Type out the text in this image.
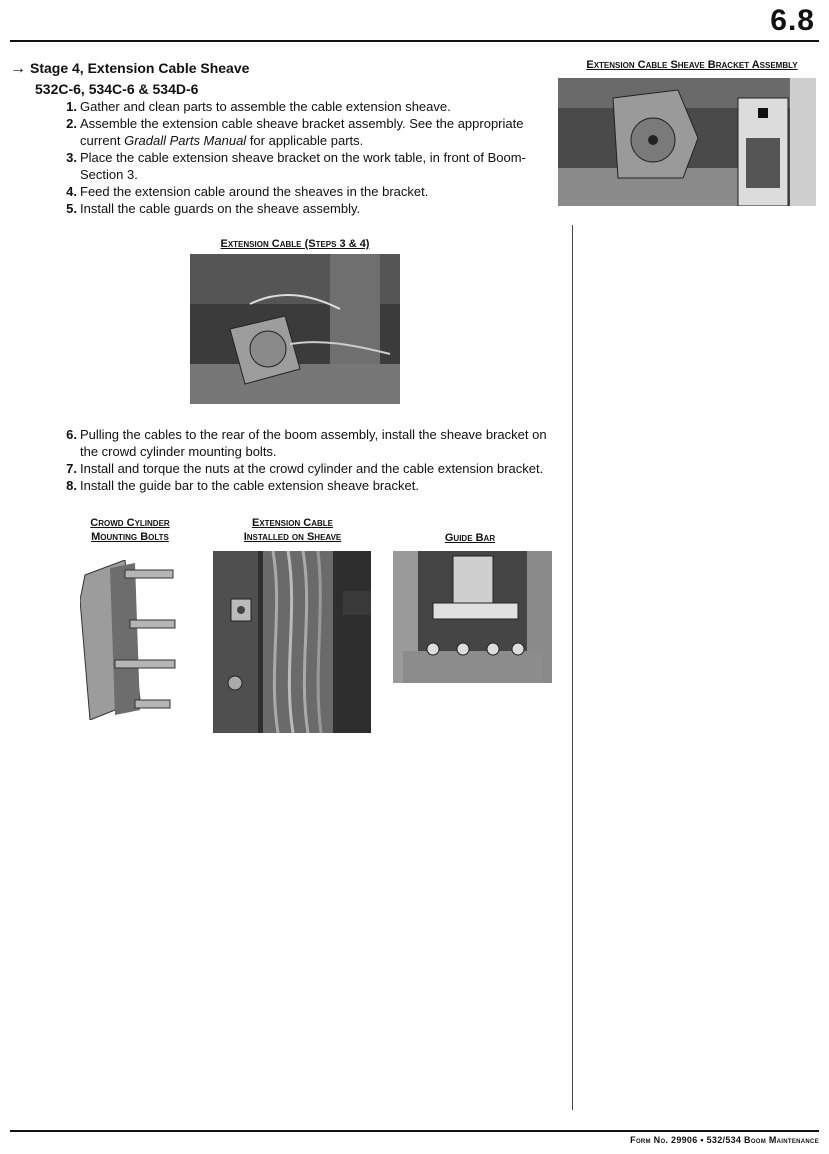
6.8
→ Stage 4, Extension Cable Sheave
532C-6, 534C-6 & 534D-6
1. Gather and clean parts to assemble the cable extension sheave.
2. Assemble the extension cable sheave bracket assembly. See the appropriate current Gradall Parts Manual for applicable parts.
3. Place the cable extension sheave bracket on the work table, in front of Boom-Section 3.
4. Feed the extension cable around the sheaves in the bracket.
5. Install the cable guards on the sheave assembly.
Extension Cable Sheave Bracket Assembly
Extension Cable (Steps 3 & 4)
6. Pulling the cables to the rear of the boom assembly, install the sheave bracket on the crowd cylinder mounting bolts.
7. Install and torque the nuts at the crowd cylinder and the cable extension bracket.
8. Install the guide bar to the cable extension sheave bracket.
Crowd Cylinder
Mounting Bolts
Extension Cable
Installed on Sheave	Guide Bar
Form No. 29906 • 532/534 Boom Maintenance
